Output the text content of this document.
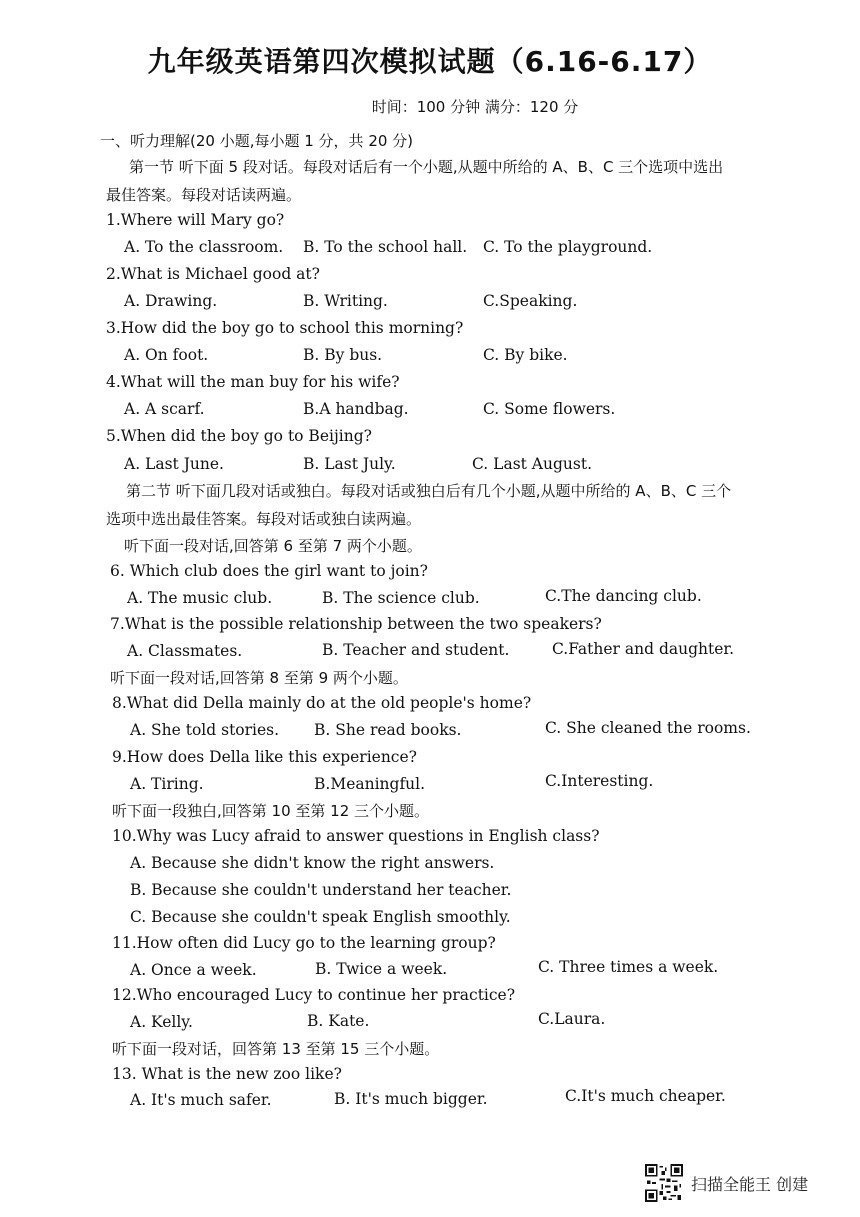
九年级英语第四次模拟试题（6.16-6.17）
时间：100 分钟 满分：120 分
一、听力理解(20 小题,每小题 1 分，共 20 分)
第一节 听下面 5 段对话。每段对话后有一个小题,从题中所给的 A、B、C 三个选项中选出
最佳答案。每段对话读两遍。
1.Where will Mary go?
A. To the classroom. B. To the school hall. C. To the playground.
2.What is Michael good at?
A. Drawing.	B. Writing.	C.Speaking.
3.How did the boy go to school this morning?
A. On foot.	B. By bus.	C. By bike.
4.What will the man buy for his wife?
A. A scarf.	B.A handbag.	C. Some flowers.
5.When did the boy go to Beijing?
A. Last June.	B. Last July.	C. Last August.
第二节 听下面几段对话或独白。每段对话或独白后有几个小题,从题中所给的 A、B、C 三个
选项中选出最佳答案。每段对话或独白读两遍。
听下面一段对话,回答第 6 至第 7 两个小题。
6. Which club does the girl want to join?
A. The music club.	B. The science club.	C.The dancing club.
7.What is the possible relationship between the two speakers?
A. Classmates.	B. Teacher and student.	C.Father and daughter.
听下面一段对话,回答第 8 至第 9 两个小题。
8.What did Della mainly do at the old people's home?
A. She told stories. B. She read books.	C. She cleaned the rooms.
9.How does Della like this experience?
A. Tiring.	B.Meaningful.	C.Interesting.
听下面一段独白,回答第 10 至第 12 三个小题。
10.Why was Lucy afraid to answer questions in English class?
A. Because she didn't know the right answers.
B. Because she couldn't understand her teacher.
C. Because she couldn't speak English smoothly.
11.How often did Lucy go to the learning group?
A. Once a week.	B. Twice a week.	C. Three times a week.
12.Who encouraged Lucy to continue her practice?
A. Kelly.	B. Kate.	C.Laura.
听下面一段对话，回答第 13 至第 15 三个小题。
13. What is the new zoo like?
A. It's much safer.	B. It's much bigger.	C.It's much cheaper.
扫描全能王 创建
